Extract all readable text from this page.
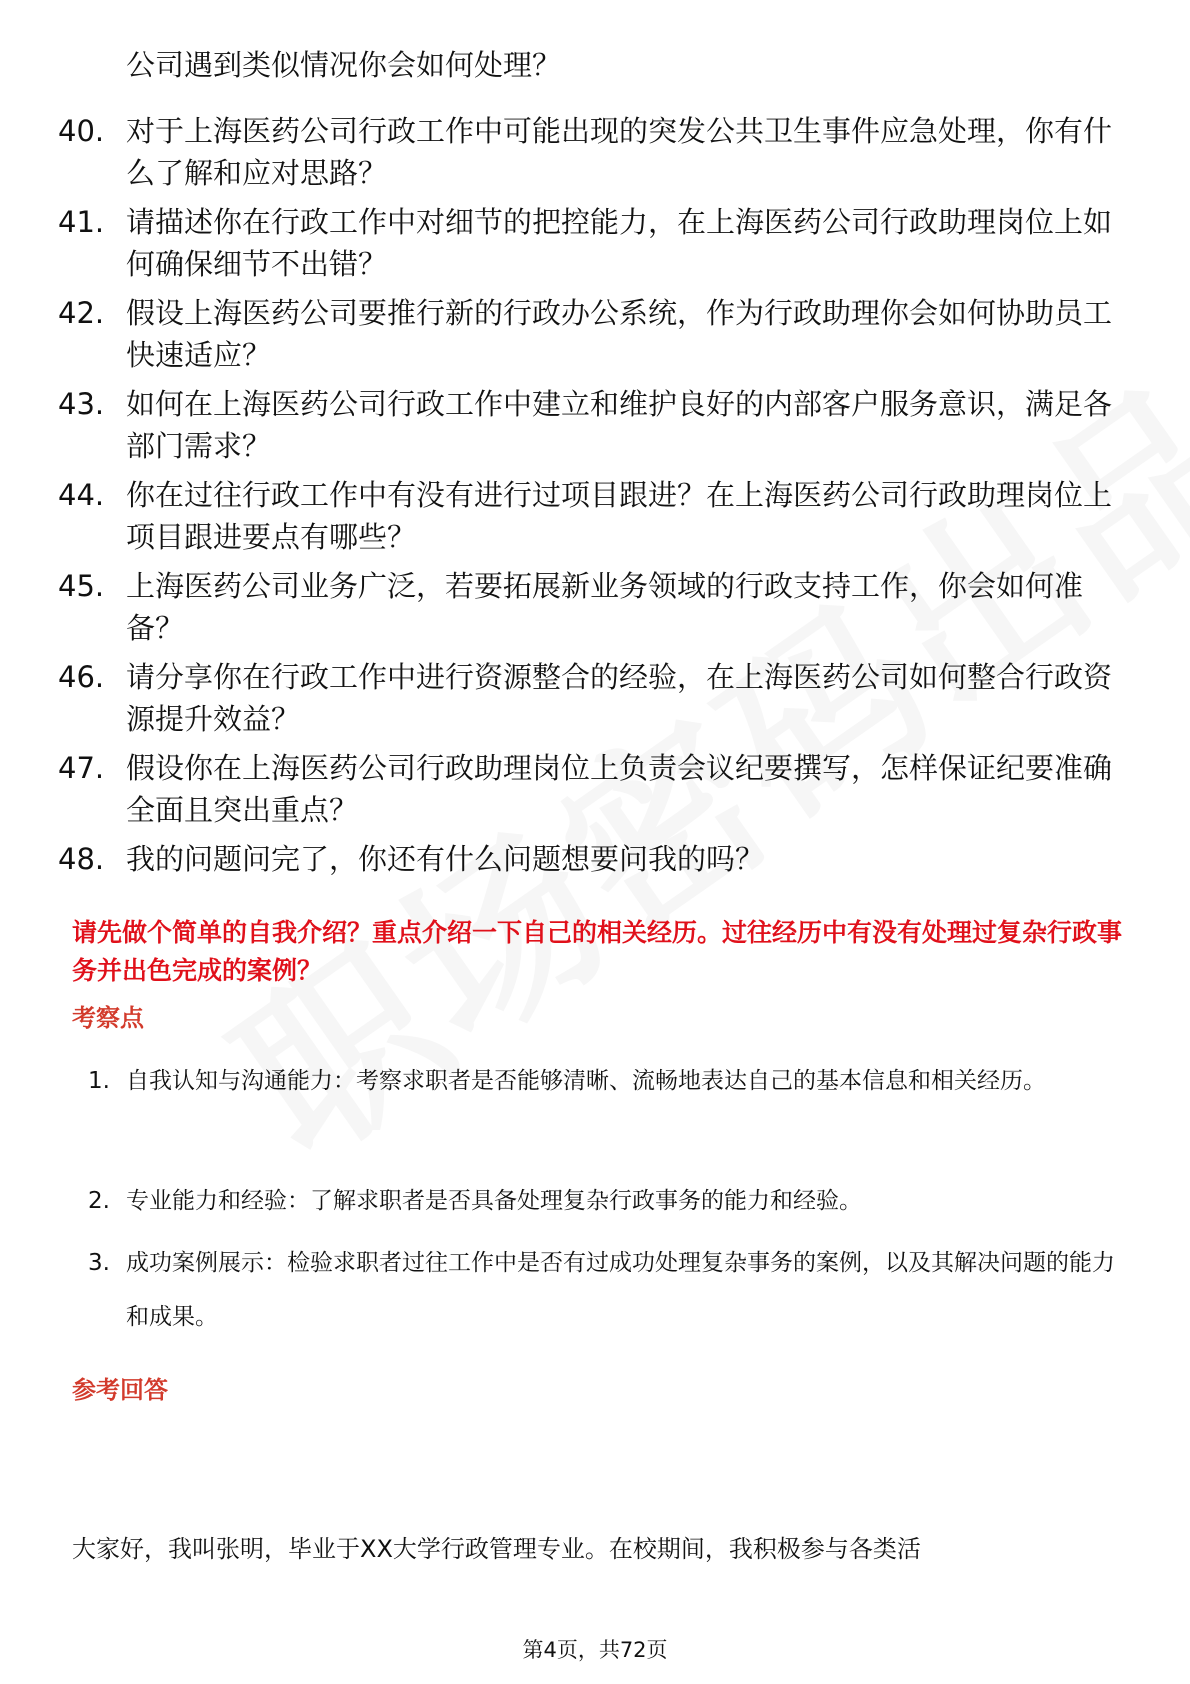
公司遇到类似情况你会如何处理？
40. 对于上海医药公司行政工作中可能出现的突发公共卫生事件应急处理，你有什么了解和应对思路？
41. 请描述你在行政工作中对细节的把控能力，在上海医药公司行政助理岗位上如何确保细节不出错？
42. 假设上海医药公司要推行新的行政办公系统，作为行政助理你会如何协助员工快速适应？
43. 如何在上海医药公司行政工作中建立和维护良好的内部客户服务意识，满足各部门需求？
44. 你在过往行政工作中有没有进行过项目跟进？在上海医药公司行政助理岗位上项目跟进要点有哪些？
45. 上海医药公司业务广泛，若要拓展新业务领域的行政支持工作，你会如何准备？
46. 请分享你在行政工作中进行资源整合的经验，在上海医药公司如何整合行政资源提升效益？
47. 假设你在上海医药公司行政助理岗位上负责会议纪要撰写，怎样保证纪要准确全面且突出重点？
48. 我的问题问完了，你还有什么问题想要问我的吗？
请先做个简单的自我介绍？重点介绍一下自己的相关经历。过往经历中有没有处理过复杂行政事务并出色完成的案例？
考察点
1. 自我认知与沟通能力：考察求职者是否能够清晰、流畅地表达自己的基本信息和相关经历。
2. 专业能力和经验：了解求职者是否具备处理复杂行政事务的能力和经验。
3. 成功案例展示：检验求职者过往工作中是否有过成功处理复杂事务的案例，以及其解决问题的能力和成果。
参考回答
大家好，我叫张明，毕业于XX大学行政管理专业。在校期间，我积极参与各类活
第4页，共72页
